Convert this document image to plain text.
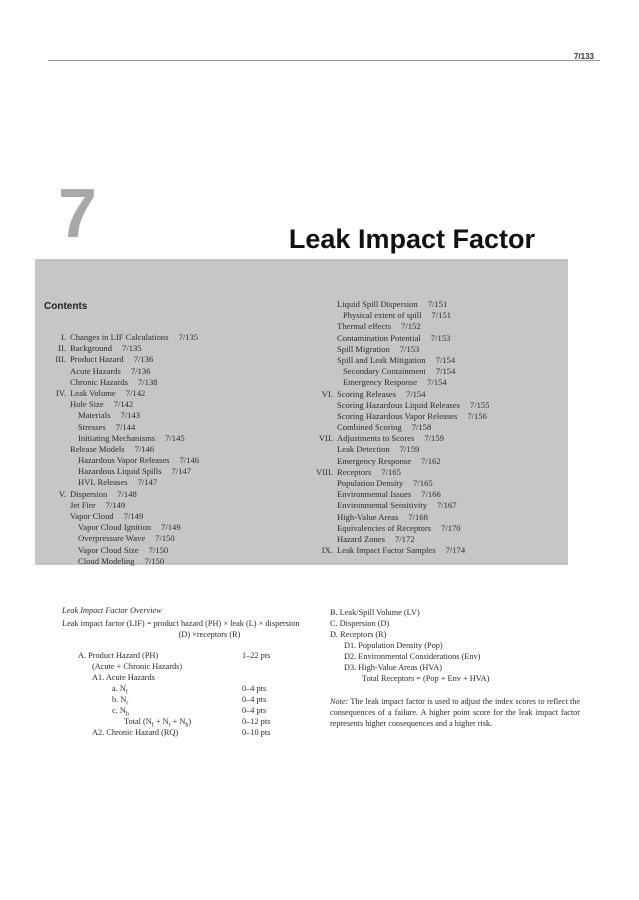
7/133
7	Leak Impact Factor
Contents
I. Changes in LIF Calculations 7/135
II. Background 7/135
III. Product Hazard 7/136
Acute Hazards 7/136
Chronic Hazards 7/138
IV. Leak Volume 7/142
Hole Size 7/142
Materials 7/143
Stresses 7/144
Initiating Mechanisms 7/145
Release Models 7/146
Hazardous Vapor Releases 7/146
Hazardous Liquid Spills 7/147
HVL Releases 7/147
V. Dispersion 7/148
Jet Fire 7/149
Vapor Cloud 7/149
Vapor Cloud Ignition 7/149
Overpressure Wave 7/150
Vapor Cloud Size 7/150
Cloud Modeling 7/150
Liquid Spill Dispersion 7/151
Physical extent of spill 7/151
Thermal effects 7/152
Contamination Potential 7/153
Spill Migration 7/153
Spill and Leak Mitigation 7/154
Secondary Containment 7/154
Emergency Response 7/154
VI. Scoring Releases 7/154
Scoring Hazardous Liquid Releases 7/155
Scoring Hazardous Vapor Releases 7/156
Combined Scoring 7/158
VII. Adjustments to Scores 7/159
Leak Detection 7/159
Emergency Response 7/162
VIII. Receptors 7/165
Population Density 7/165
Environmental Issues 7/166
Environmental Sensitivity 7/167
High-Value Areas 7/168
Equivalencies of Receptors 7/170
Hazard Zones 7/172
IX. Leak Impact Factor Samples 7/174
Leak Impact Factor Overview
Leak impact factor (LIF) = product hazard (PH) × leak (L) × dispersion
(D) ×receptors (R)
A. Product Hazard (PH)	1–22 pts
(Acute + Chronic Hazards)
A1. Acute Hazards
a. $N_f$	0–4 pts
b. $N_r$	0–4 pts
c. $N_h$	0–4 pts
Total $(N_f + N_r + N_h)$	0–12 pts
A2. Chronic Hazard (RQ)	0–10 pts
B. Leak/Spill Volume (LV)
C. Dispersion (D)
D. Receptors (R)
D1. Population Density (Pop)
D2. Environmental Considerations (Env)
D3. High-Value Areas (HVA)
Total Receptors = (Pop + Env + HVA)
Note: The leak impact factor is used to adjust the index scores to reflect the consequences of a failure. A higher point score for the leak impact factor represents higher consequences and a higher risk.
